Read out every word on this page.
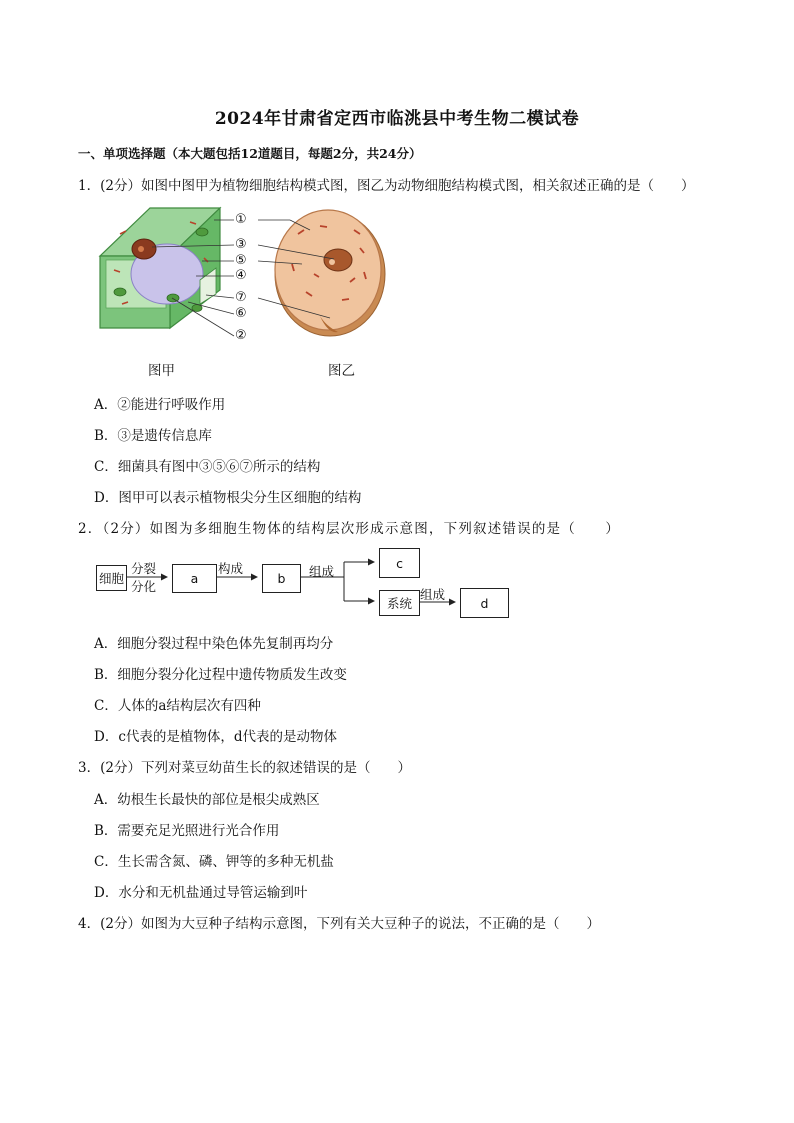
2024年甘肃省定西市临洮县中考生物二模试卷
一、单项选择题（本大题包括12道题目，每题2分，共24分）
1．(2分）如图中图甲为植物细胞结构模式图，图乙为动物细胞结构模式图，相关叙述正确的是（　　）
①
③
⑤
④
⑦
⑥
②
图甲	图乙
A．②能进行呼吸作用
B．③是遗传信息库
C．细菌具有图中③⑤⑥⑦所示的结构
D．图甲可以表示植物根尖分生区细胞的结构
2．（2分）如图为多细胞生物体的结构层次形成示意图，下列叙述错误的是（　　）
细胞
分裂
分化
a
构成
b	组成
c
系统
组成
d
A．细胞分裂过程中染色体先复制再均分
B．细胞分裂分化过程中遗传物质发生改变
C．人体的a结构层次有四种
D．c代表的是植物体，d代表的是动物体
3．(2分）下列对菜豆幼苗生长的叙述错误的是（　　）
A．幼根生长最快的部位是根尖成熟区
B．需要充足光照进行光合作用
C．生长需含氮、磷、钾等的多种无机盐
D．水分和无机盐通过导管运输到叶
4．(2分）如图为大豆种子结构示意图，下列有关大豆种子的说法，不正确的是（　　）
